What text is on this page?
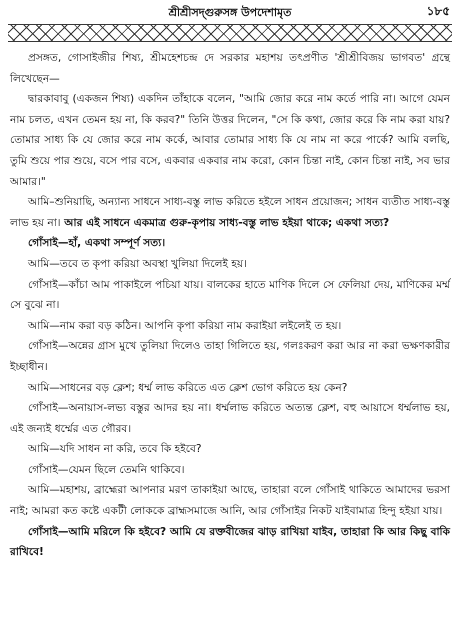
শ্রীশ্রীসদ্গুরুসঙ্গ উপদেশামৃত	১৮৫

প্রসঙ্গত, গোসাইজীর শিষ্য, শ্রীমহেশচন্দ্র দে সরকার মহাশয় তৎপ্রণীত 'শ্রীশ্রীবিজয় ভাগবত' গ্রন্থে লিখেছেন—

দ্বারকাবাবু (একজন শিষ্য) একদিন তাঁহাকে বলেন, "আমি জোর করে নাম কর্তে পারি না। আগে যেমন নাম চলত, এখন তেমন হয় না, কি করব?" তিনি উত্তর দিলেন, "সে কি কথা, জোর করে কি নাম করা যায়? তোমার সাধ্য কি যে জোর করে নাম কর্কে, আবার তোমার সাধ্য কি যে নাম না করে পার্কে? আমি বলছি, তুমি শুয়ে পার শুয়ে, বসে পার বসে, একবার একবার নাম করো, কোন চিন্তা নাই, কোন চিন্তা নাই, সব ভার আমার।"

আমি–শুনিয়াছি, অন্যান্য সাধনে সাধ্য-বস্তু লাভ করিতে হইলে সাধন প্রয়োজন; সাধন ব্যতীত সাধ্য-বস্তু লাভ হয় না। আর এই সাধনে একমাত্র গুরু-কৃপায় সাধ্য-বস্তু লাভ হইয়া থাকে; একথা সত্য?

গোঁসাই—হাঁ, একথা সম্পূর্ণ সত্য।

আমি—তবে ত কৃপা করিয়া অবস্থা খুলিয়া দিলেই হয়।

গোঁসাই—কাঁচা আম পাকাইলে পচিয়া যায়। বালকের হাতে মাণিক দিলে সে ফেলিয়া দেয়, মাণিকের মর্ম্ম সে বুঝে না।

আমি—নাম করা বড় কঠিন। আপনি কৃপা করিয়া নাম করাইয়া লইলেই ত হয়।

গোঁসাই—অন্নের গ্রাস মুখে তুলিয়া দিলেও তাহা গিলিতে হয়, গলঃকরণ করা আর না করা ভক্ষণকারীর ইচ্ছাধীন।

আমি—সাধনের বড় ক্লেশ; ধর্ম্ম লাভ করিতে এত ক্লেশ ভোগ করিতে হয় কেন?

গোঁসাই—অনায়াস-লভ্য বস্তুর আদর হয় না। ধর্ম্মলাভ করিতে অত্যন্ত ক্লেশ, বহু আয়াসে ধর্ম্মলাভ হয়, এই জন্যই ধর্ম্মের এত গৌরব।

আমি—যদি সাধন না করি, তবে কি হইবে?

গোঁসাই—যেমন ছিলে তেমনি থাকিবে।

আমি—মহাশয়, ব্রাহ্মেরা আপনার মরণ তাকাইয়া আছে, তাহারা বলে গোঁসাই থাকিতে আমাদের ভরসা নাই; আমরা কত কষ্টে একটী লোককে ব্রাহ্মসমাজে আনি, আর গোঁসাইর নিকট যাইবামাত্র হিন্দু হইয়া যায়।

গোঁসাই—আমি মরিলে কি হইবে? আমি যে রক্তবীজের ঝাড় রাখিয়া যাইব, তাহারা কি আর কিছু বাকি রাখিবে!
